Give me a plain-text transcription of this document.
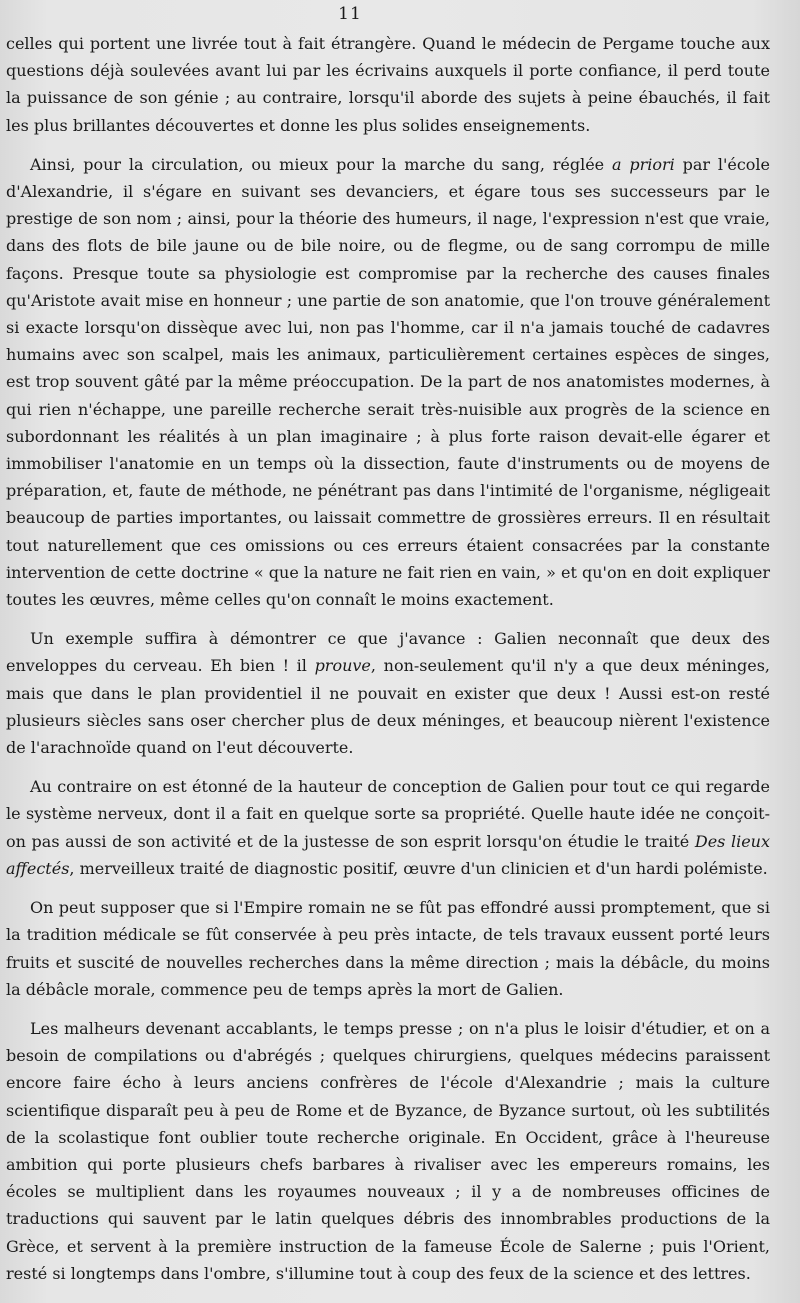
11

celles qui portent une livrée tout à fait étrangère. Quand le médecin de Pergame touche aux questions déjà soulevées avant lui par les écrivains auxquels il porte confiance, il perd toute la puissance de son génie ; au contraire, lorsqu'il aborde des sujets à peine ébauchés, il fait les plus brillantes découvertes et donne les plus solides enseignements.

Ainsi, pour la circulation, ou mieux pour la marche du sang, réglée a priori par l'école d'Alexandrie, il s'égare en suivant ses devanciers, et égare tous ses successeurs par le prestige de son nom ; ainsi, pour la théorie des humeurs, il nage, l'expression n'est que vraie, dans des flots de bile jaune ou de bile noire, ou de flegme, ou de sang corrompu de mille façons. Presque toute sa physiologie est compromise par la recherche des causes finales qu'Aristote avait mise en honneur ; une partie de son anatomie, que l'on trouve généralement si exacte lorsqu'on dissèque avec lui, non pas l'homme, car il n'a jamais touché de cadavres humains avec son scalpel, mais les animaux, particulièrement certaines espèces de singes, est trop souvent gâté par la même préoccupation. De la part de nos anatomistes modernes, à qui rien n'échappe, une pareille recherche serait très-nuisible aux progrès de la science en subordonnant les réalités à un plan imaginaire ; à plus forte raison devait-elle égarer et immobiliser l'anatomie en un temps où la dissection, faute d'instruments ou de moyens de préparation, et, faute de méthode, ne pénétrant pas dans l'intimité de l'organisme, négligeait beaucoup de parties importantes, ou laissait commettre de grossières erreurs. Il en résultait tout naturellement que ces omissions ou ces erreurs étaient consacrées par la constante intervention de cette doctrine « que la nature ne fait rien en vain, » et qu'on en doit expliquer toutes les œuvres, même celles qu'on connaît le moins exactement.

Un exemple suffira à démontrer ce que j'avance : Galien neconnaît que deux des enveloppes du cerveau. Eh bien ! il prouve, non-seulement qu'il n'y a que deux méninges, mais que dans le plan providentiel il ne pouvait en exister que deux ! Aussi est-on resté plusieurs siècles sans oser chercher plus de deux méninges, et beaucoup nièrent l'existence de l'arachnoïde quand on l'eut découverte.

Au contraire on est étonné de la hauteur de conception de Galien pour tout ce qui regarde le système nerveux, dont il a fait en quelque sorte sa propriété. Quelle haute idée ne conçoit-on pas aussi de son activité et de la justesse de son esprit lorsqu'on étudie le traité Des lieux affectés, merveilleux traité de diagnostic positif, œuvre d'un clinicien et d'un hardi polémiste.

On peut supposer que si l'Empire romain ne se fût pas effondré aussi promptement, que si la tradition médicale se fût conservée à peu près intacte, de tels travaux eussent porté leurs fruits et suscité de nouvelles recherches dans la même direction ; mais la débâcle, du moins la débâcle morale, commence peu de temps après la mort de Galien.

Les malheurs devenant accablants, le temps presse ; on n'a plus le loisir d'étudier, et on a besoin de compilations ou d'abrégés ; quelques chirurgiens, quelques médecins paraissent encore faire écho à leurs anciens confrères de l'école d'Alexandrie ; mais la culture scientifique disparaît peu à peu de Rome et de Byzance, de Byzance surtout, où les subtilités de la scolastique font oublier toute recherche originale. En Occident, grâce à l'heureuse ambition qui porte plusieurs chefs barbares à rivaliser avec les empereurs romains, les écoles se multiplient dans les royaumes nouveaux ; il y a de nombreuses officines de traductions qui sauvent par le latin quelques débris des innombrables productions de la Grèce, et servent à la première instruction de la fameuse École de Salerne ; puis l'Orient, resté si longtemps dans l'ombre, s'illumine tout à coup des feux de la science et des lettres.
